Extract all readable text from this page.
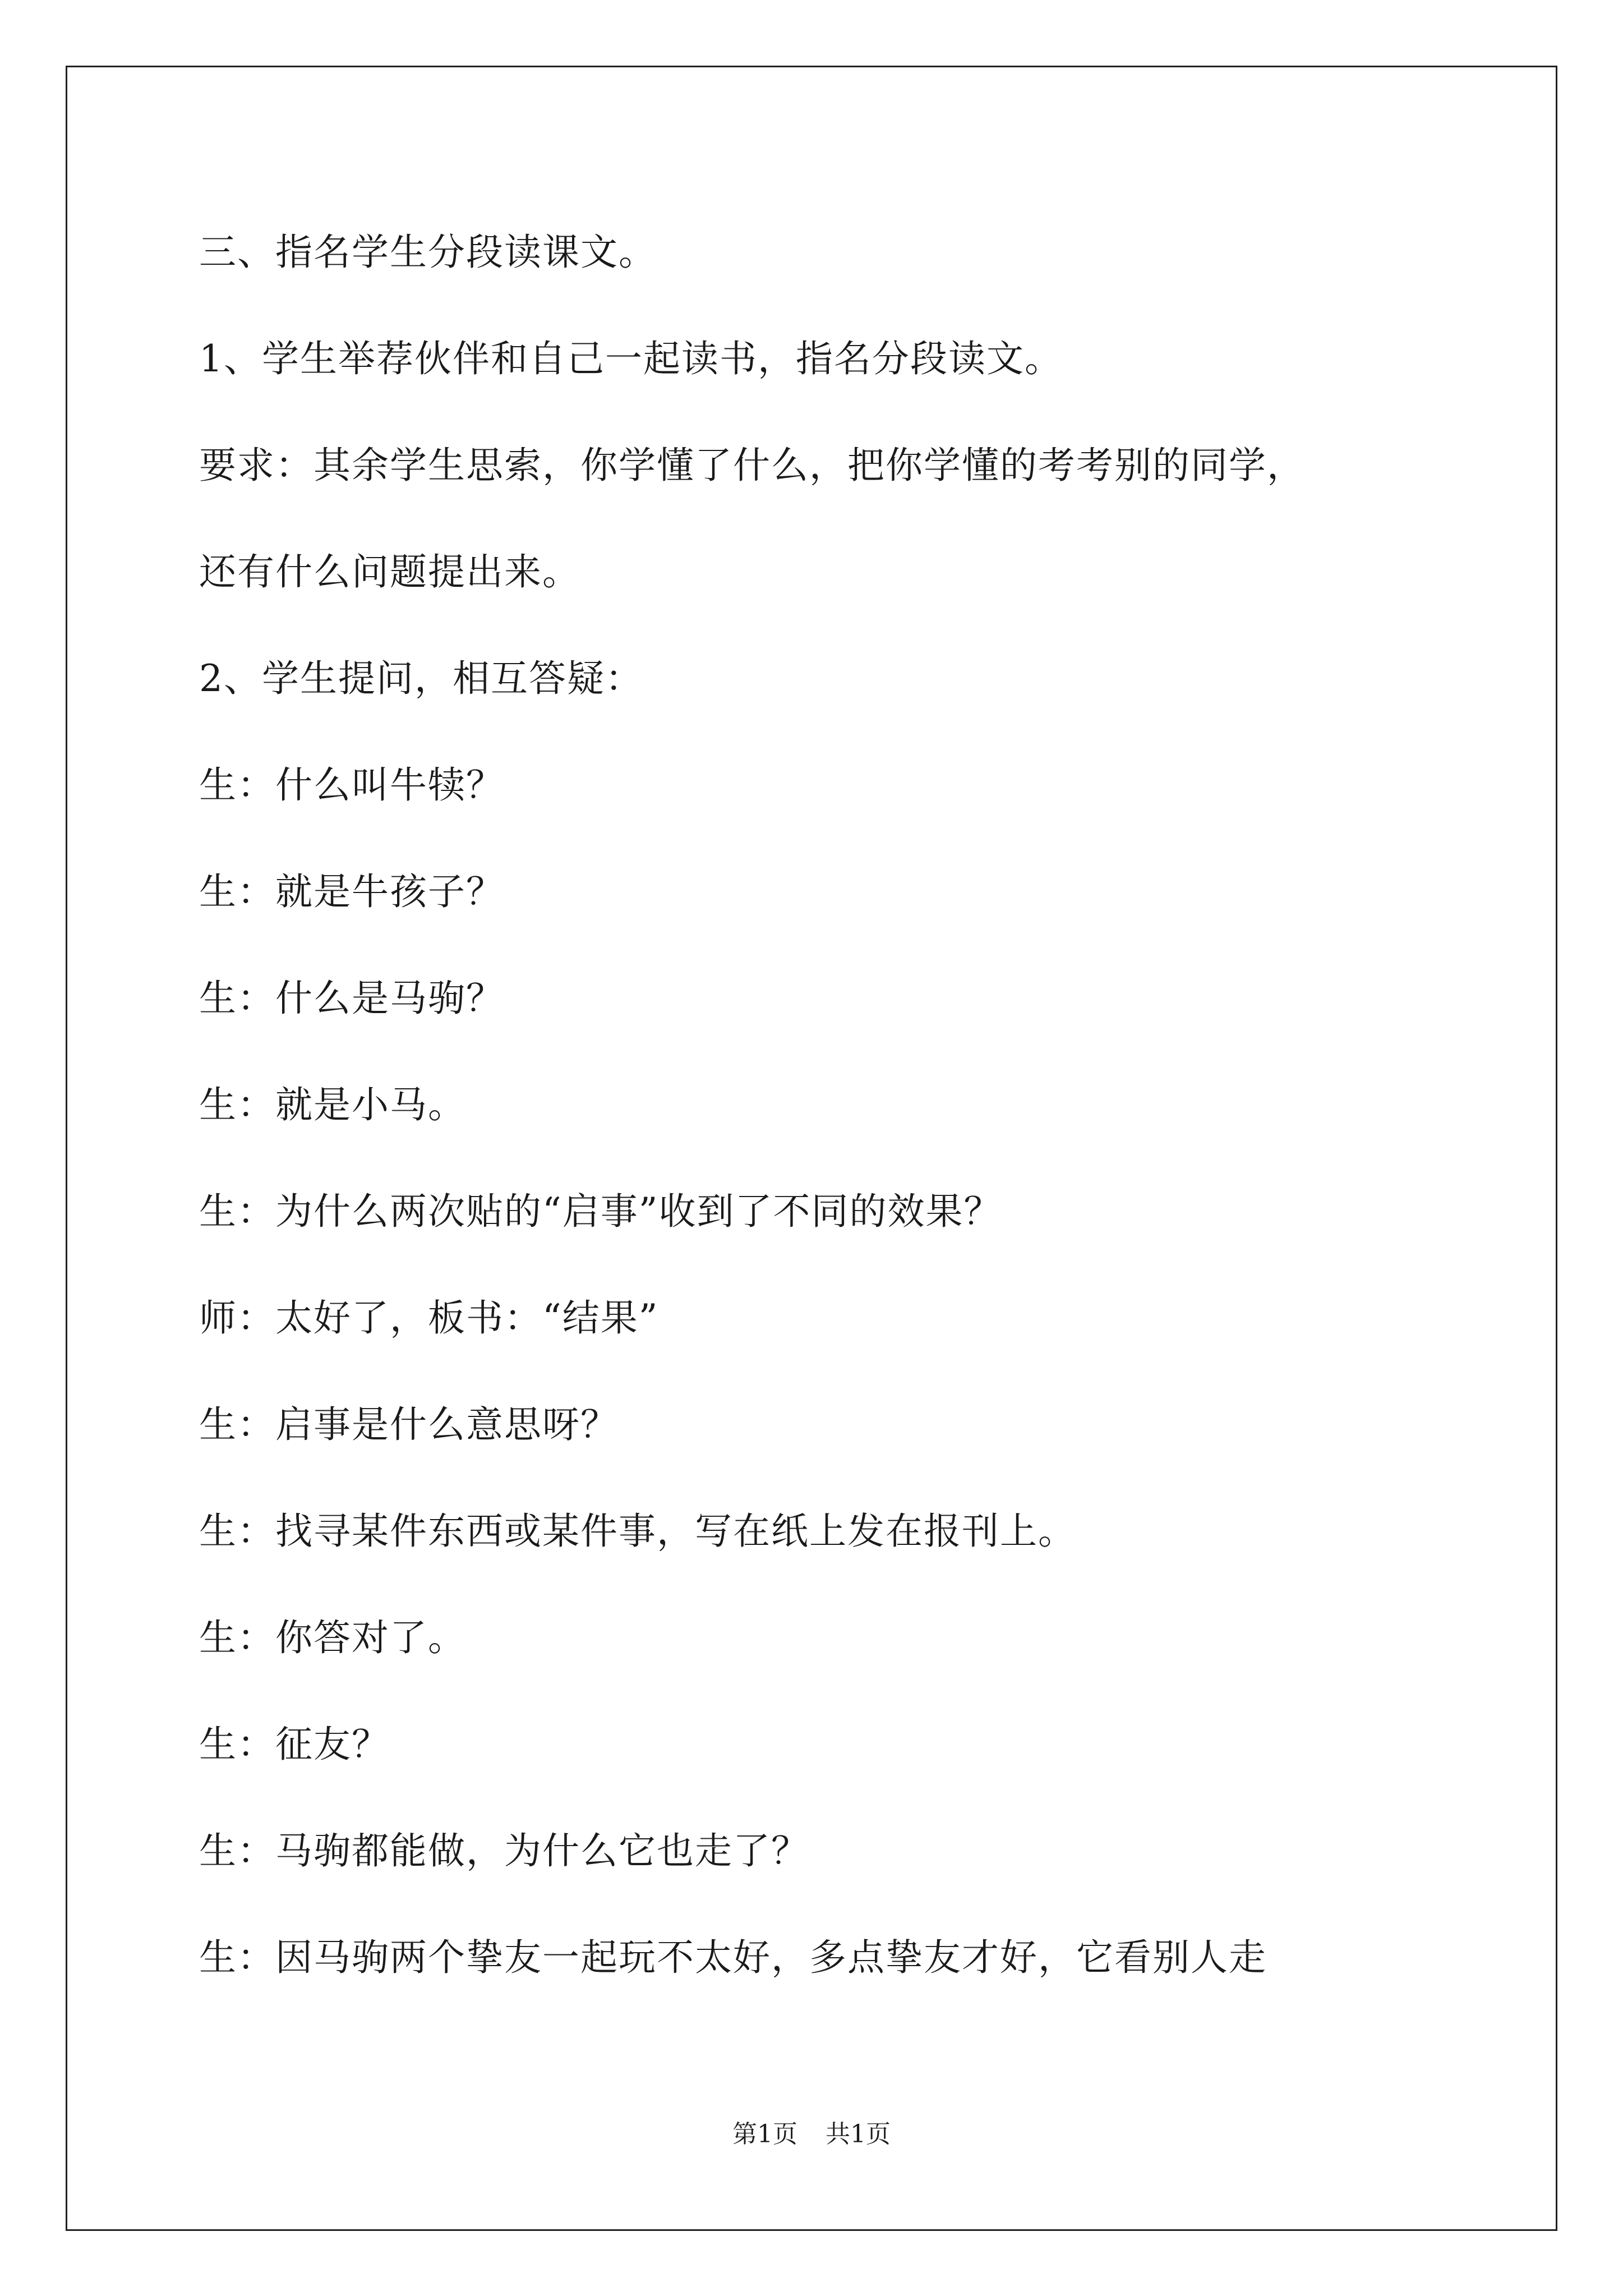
三、指名学生分段读课文。
1、学生举荐伙伴和自己一起读书，指名分段读文。
要求：其余学生思索，你学懂了什么，把你学懂的考考别的同学，
还有什么问题提出来。
2、学生提问，相互答疑：
生：什么叫牛犊？
生：就是牛孩子？
生：什么是马驹？
生：就是小马。
生：为什么两次贴的“启事”收到了不同的效果？
师：太好了，板书：“结果”
生：启事是什么意思呀？
生：找寻某件东西或某件事，写在纸上发在报刊上。
生：你答对了。
生：征友？
生：马驹都能做，为什么它也走了？
生：因马驹两个挚友一起玩不太好，多点挚友才好，它看别人走
第1页 共1页
